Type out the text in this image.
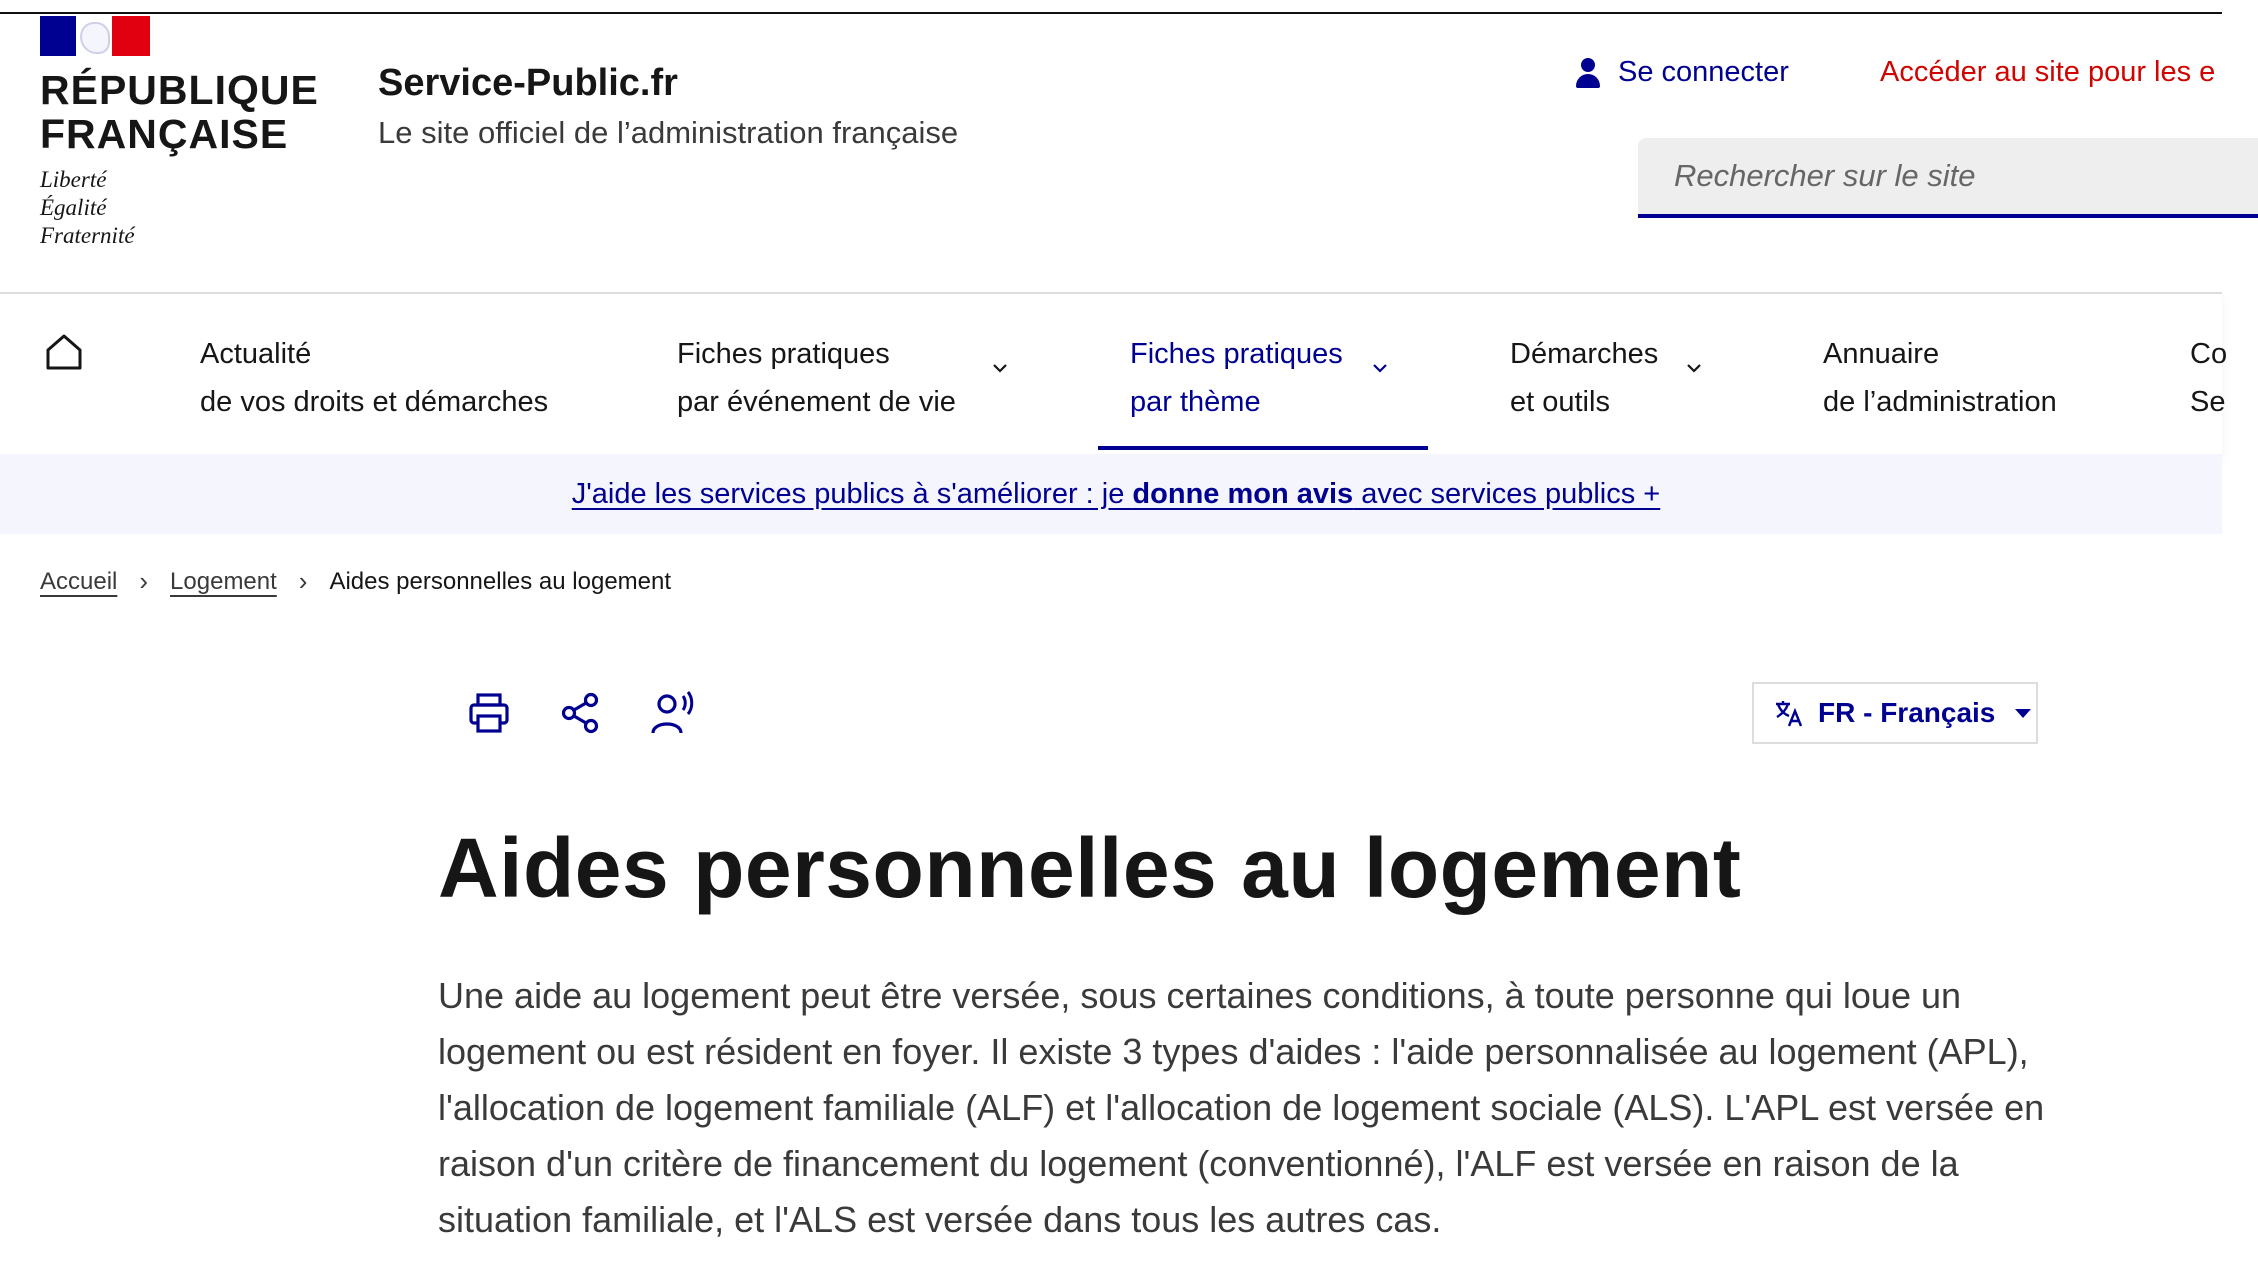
RÉPUBLIQUE
FRANÇAISE
Liberté
Égalité
Fraternité
Service-Public.fr
Le site officiel de l’administration française
Se connecter	Accéder au site pour les e
Rechercher sur le site
Actualité
de vos droits et démarches
Fiches pratiques
par événement de vie
Fiches pratiques
par thème
Démarches
et outils
Annuaire
de l’administration
Co
Se
J'aide les services publics à s'améliorer : je donne mon avis avec services publics +
Accueil › Logement › Aides personnelles au logement
FR - Français
Aides personnelles au logement

Une aide au logement peut être versée, sous certaines conditions, à toute personne qui loue un logement ou est résident en foyer. Il existe 3 types d'aides : l'aide personnalisée au logement (APL), l'allocation de logement familiale (ALF) et l'allocation de logement sociale (ALS). L'APL est versée en raison d'un critère de financement du logement (conventionné), l'ALF est versée en raison de la situation familiale, et l'ALS est versée dans tous les autres cas.
